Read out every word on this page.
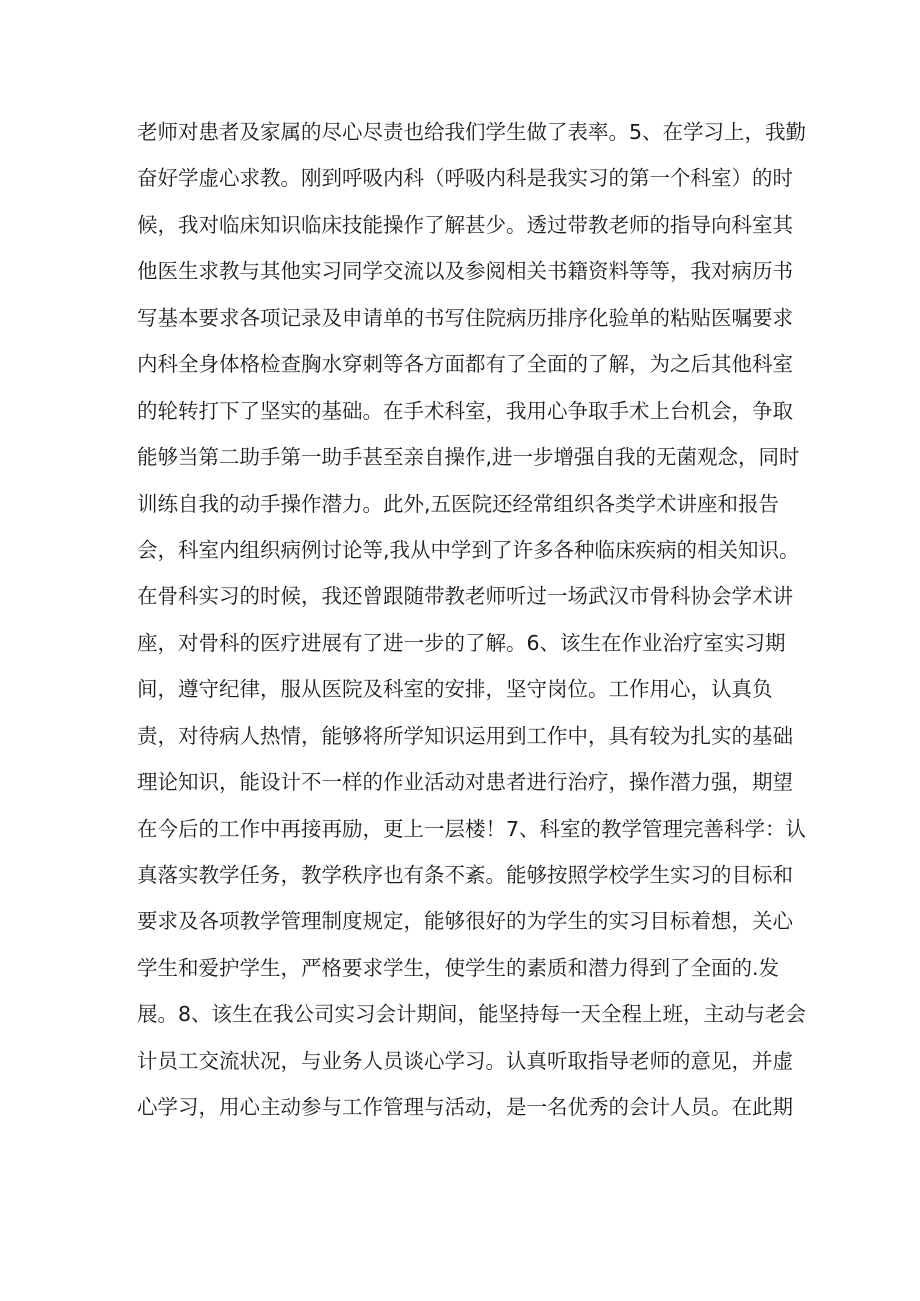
老师对患者及家属的尽心尽责也给我们学生做了表率。5、在学习上，我勤
奋好学虚心求教。刚到呼吸内科（呼吸内科是我实习的第一个科室）的时
候，我对临床知识临床技能操作了解甚少。透过带教老师的指导向科室其
他医生求教与其他实习同学交流以及参阅相关书籍资料等等，我对病历书
写基本要求各项记录及申请单的书写住院病历排序化验单的粘贴医嘱要求
内科全身体格检查胸水穿刺等各方面都有了全面的了解，为之后其他科室
的轮转打下了坚实的基础。在手术科室，我用心争取手术上台机会，争取
能够当第二助手第一助手甚至亲自操作,进一步增强自我的无菌观念，同时
训练自我的动手操作潜力。此外,五医院还经常组织各类学术讲座和报告
会，科室内组织病例讨论等,我从中学到了许多各种临床疾病的相关知识。
在骨科实习的时候，我还曾跟随带教老师听过一场武汉市骨科协会学术讲
座，对骨科的医疗进展有了进一步的了解。6、该生在作业治疗室实习期
间，遵守纪律，服从医院及科室的安排，坚守岗位。工作用心，认真负
责，对待病人热情，能够将所学知识运用到工作中，具有较为扎实的基础
理论知识，能设计不一样的作业活动对患者进行治疗，操作潜力强，期望
在今后的工作中再接再励，更上一层楼！7、科室的教学管理完善科学：认
真落实教学任务，教学秩序也有条不紊。能够按照学校学生实习的目标和
要求及各项教学管理制度规定，能够很好的为学生的实习目标着想，关心
学生和爱护学生，严格要求学生，使学生的素质和潜力得到了全面的.发
展。8、该生在我公司实习会计期间，能坚持每一天全程上班，主动与老会
计员工交流状况，与业务人员谈心学习。认真听取指导老师的意见，并虚
心学习，用心主动参与工作管理与活动，是一名优秀的会计人员。在此期
